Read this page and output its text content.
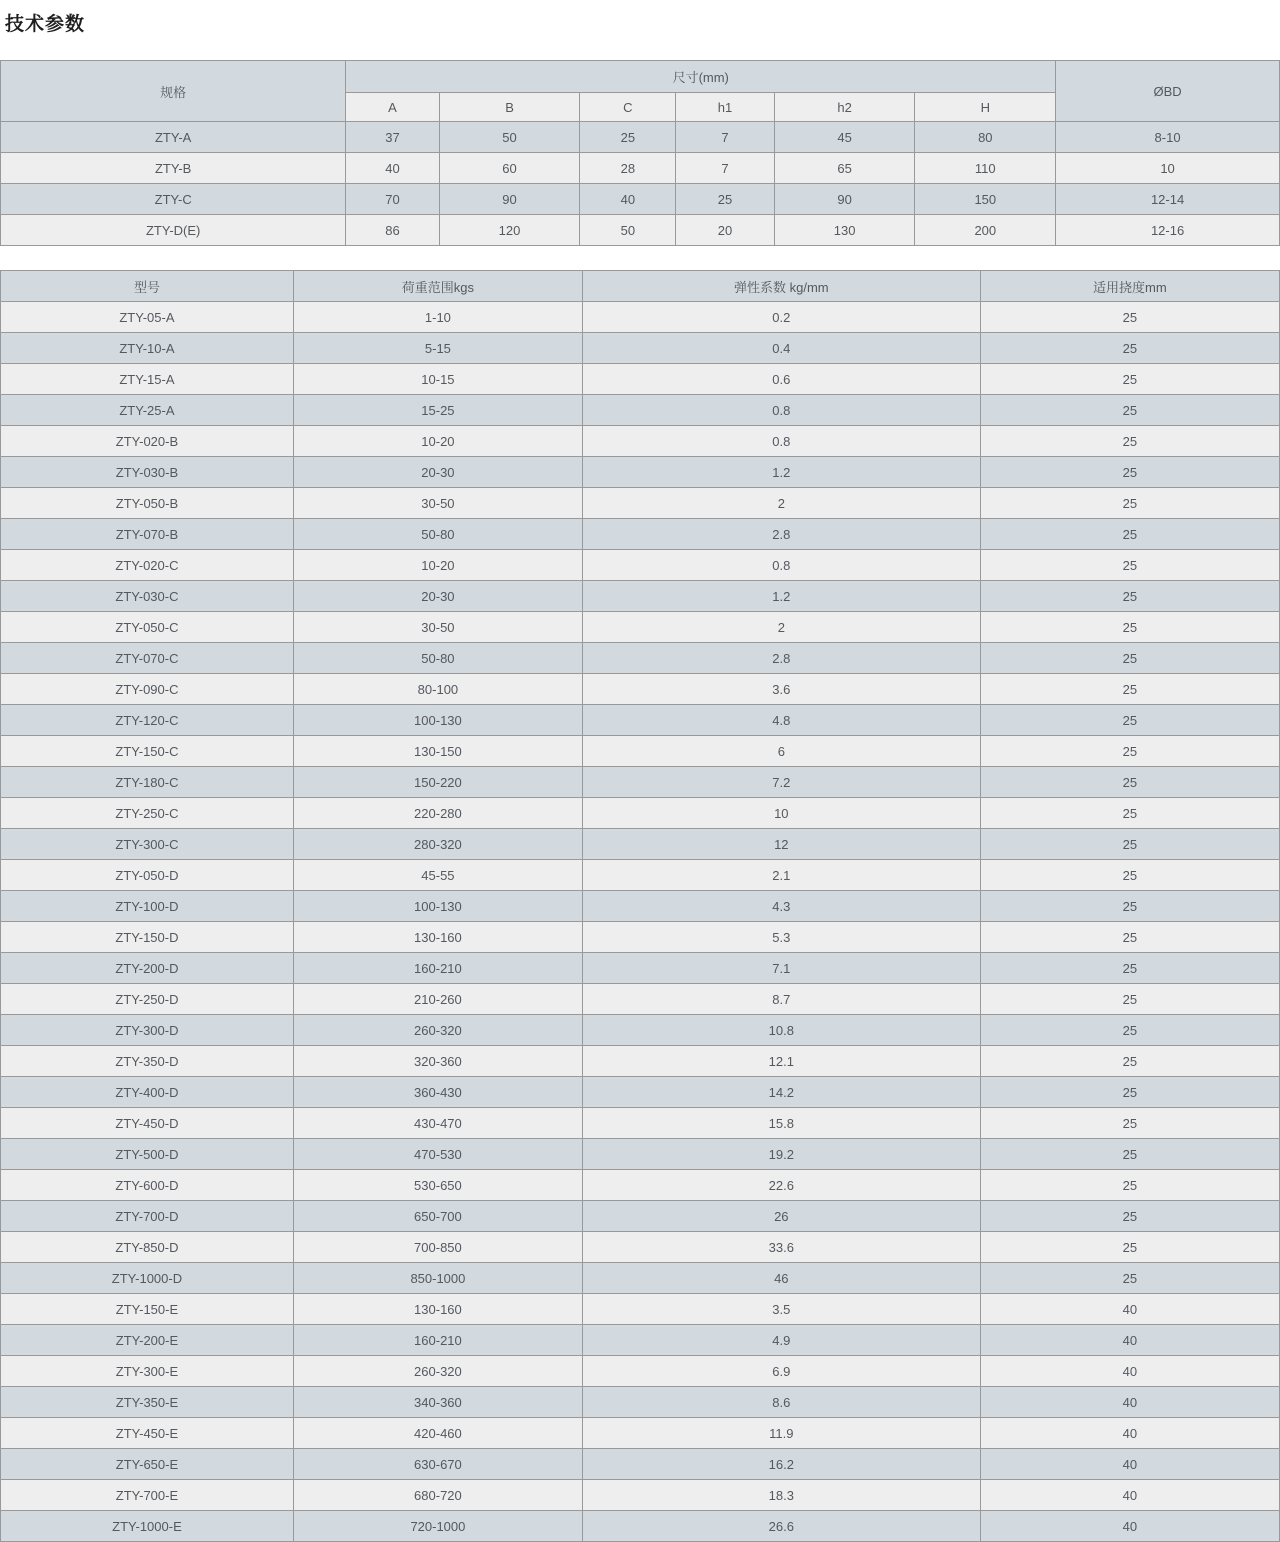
技术参数
规格	尺寸(mm)						ØBD
	A	B	C	h1	h2	H	
ZTY-A	37	50	25	7	45	80	8-10
ZTY-B	40	60	28	7	65	110	10
ZTY-C	70	90	40	25	90	150	12-14
ZTY-D(E)	86	120	50	20	130	200	12-16
型号	荷重范围kgs	弹性系数 kg/mm	适用挠度mm
ZTY-05-A	1-10	0.2	25
ZTY-10-A	5-15	0.4	25
ZTY-15-A	10-15	0.6	25
ZTY-25-A	15-25	0.8	25
ZTY-020-B	10-20	0.8	25
ZTY-030-B	20-30	1.2	25
ZTY-050-B	30-50	2	25
ZTY-070-B	50-80	2.8	25
ZTY-020-C	10-20	0.8	25
ZTY-030-C	20-30	1.2	25
ZTY-050-C	30-50	2	25
ZTY-070-C	50-80	2.8	25
ZTY-090-C	80-100	3.6	25
ZTY-120-C	100-130	4.8	25
ZTY-150-C	130-150	6	25
ZTY-180-C	150-220	7.2	25
ZTY-250-C	220-280	10	25
ZTY-300-C	280-320	12	25
ZTY-050-D	45-55	2.1	25
ZTY-100-D	100-130	4.3	25
ZTY-150-D	130-160	5.3	25
ZTY-200-D	160-210	7.1	25
ZTY-250-D	210-260	8.7	25
ZTY-300-D	260-320	10.8	25
ZTY-350-D	320-360	12.1	25
ZTY-400-D	360-430	14.2	25
ZTY-450-D	430-470	15.8	25
ZTY-500-D	470-530	19.2	25
ZTY-600-D	530-650	22.6	25
ZTY-700-D	650-700	26	25
ZTY-850-D	700-850	33.6	25
ZTY-1000-D	850-1000	46	25
ZTY-150-E	130-160	3.5	40
ZTY-200-E	160-210	4.9	40
ZTY-300-E	260-320	6.9	40
ZTY-350-E	340-360	8.6	40
ZTY-450-E	420-460	11.9	40
ZTY-650-E	630-670	16.2	40
ZTY-700-E	680-720	18.3	40
ZTY-1000-E	720-1000	26.6	40
